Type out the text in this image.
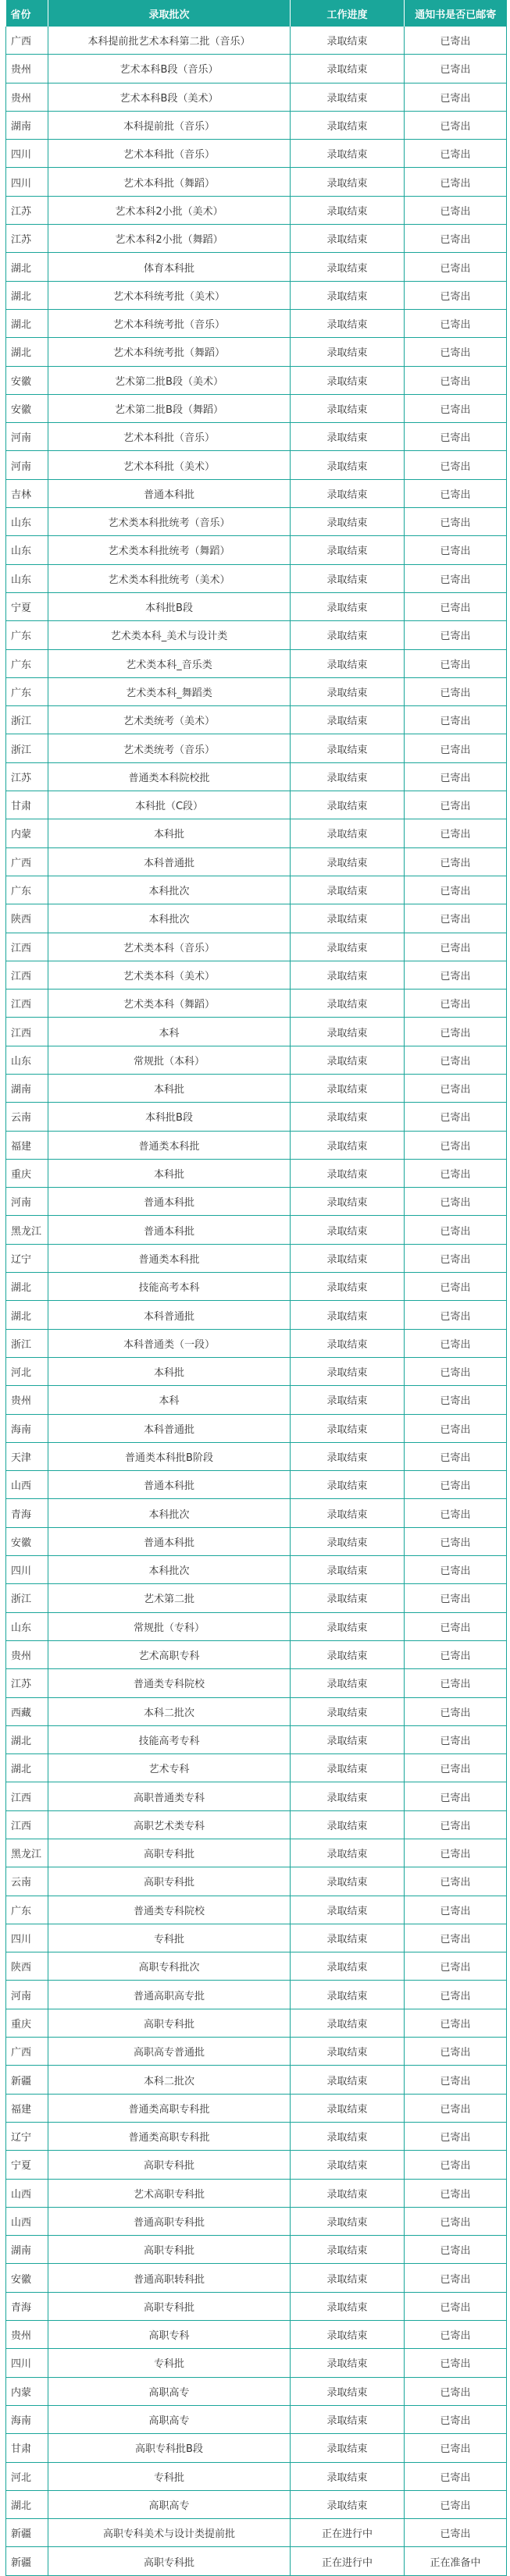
省份	录取批次	工作进度	通知书是否已邮寄
广西	本科提前批艺术本科第二批（音乐）	录取结束	已寄出
贵州	艺术本科B段（音乐）	录取结束	已寄出
贵州	艺术本科B段（美术）	录取结束	已寄出
湖南	本科提前批（音乐）	录取结束	已寄出
四川	艺术本科批（音乐）	录取结束	已寄出
四川	艺术本科批（舞蹈）	录取结束	已寄出
江苏	艺术本科2小批（美术）	录取结束	已寄出
江苏	艺术本科2小批（舞蹈）	录取结束	已寄出
湖北	体育本科批	录取结束	已寄出
湖北	艺术本科统考批（美术）	录取结束	已寄出
湖北	艺术本科统考批（音乐）	录取结束	已寄出
湖北	艺术本科统考批（舞蹈）	录取结束	已寄出
安徽	艺术第二批B段（美术）	录取结束	已寄出
安徽	艺术第二批B段（舞蹈）	录取结束	已寄出
河南	艺术本科批（音乐）	录取结束	已寄出
河南	艺术本科批（美术）	录取结束	已寄出
吉林	普通本科批	录取结束	已寄出
山东	艺术类本科批统考（音乐）	录取结束	已寄出
山东	艺术类本科批统考（舞蹈）	录取结束	已寄出
山东	艺术类本科批统考（美术）	录取结束	已寄出
宁夏	本科批B段	录取结束	已寄出
广东	艺术类本科_美术与设计类	录取结束	已寄出
广东	艺术类本科_音乐类	录取结束	已寄出
广东	艺术类本科_舞蹈类	录取结束	已寄出
浙江	艺术类统考（美术）	录取结束	已寄出
浙江	艺术类统考（音乐）	录取结束	已寄出
江苏	普通类本科院校批	录取结束	已寄出
甘肃	本科批（C段）	录取结束	已寄出
内蒙	本科批	录取结束	已寄出
广西	本科普通批	录取结束	已寄出
广东	本科批次	录取结束	已寄出
陕西	本科批次	录取结束	已寄出
江西	艺术类本科（音乐）	录取结束	已寄出
江西	艺术类本科（美术）	录取结束	已寄出
江西	艺术类本科（舞蹈）	录取结束	已寄出
江西	本科	录取结束	已寄出
山东	常规批（本科）	录取结束	已寄出
湖南	本科批	录取结束	已寄出
云南	本科批B段	录取结束	已寄出
福建	普通类本科批	录取结束	已寄出
重庆	本科批	录取结束	已寄出
河南	普通本科批	录取结束	已寄出
黑龙江	普通本科批	录取结束	已寄出
辽宁	普通类本科批	录取结束	已寄出
湖北	技能高考本科	录取结束	已寄出
湖北	本科普通批	录取结束	已寄出
浙江	本科普通类（一段）	录取结束	已寄出
河北	本科批	录取结束	已寄出
贵州	本科	录取结束	已寄出
海南	本科普通批	录取结束	已寄出
天津	普通类本科批B阶段	录取结束	已寄出
山西	普通本科批	录取结束	已寄出
青海	本科批次	录取结束	已寄出
安徽	普通本科批	录取结束	已寄出
四川	本科批次	录取结束	已寄出
浙江	艺术第二批	录取结束	已寄出
山东	常规批（专科）	录取结束	已寄出
贵州	艺术高职专科	录取结束	已寄出
江苏	普通类专科院校	录取结束	已寄出
西藏	本科二批次	录取结束	已寄出
湖北	技能高考专科	录取结束	已寄出
湖北	艺术专科	录取结束	已寄出
江西	高职普通类专科	录取结束	已寄出
江西	高职艺术类专科	录取结束	已寄出
黑龙江	高职专科批	录取结束	已寄出
云南	高职专科批	录取结束	已寄出
广东	普通类专科院校	录取结束	已寄出
四川	专科批	录取结束	已寄出
陕西	高职专科批次	录取结束	已寄出
河南	普通高职高专批	录取结束	已寄出
重庆	高职专科批	录取结束	已寄出
广西	高职高专普通批	录取结束	已寄出
新疆	本科二批次	录取结束	已寄出
福建	普通类高职专科批	录取结束	已寄出
辽宁	普通类高职专科批	录取结束	已寄出
宁夏	高职专科批	录取结束	已寄出
山西	艺术高职专科批	录取结束	已寄出
山西	普通高职专科批	录取结束	已寄出
湖南	高职专科批	录取结束	已寄出
安徽	普通高职转科批	录取结束	已寄出
青海	高职专科批	录取结束	已寄出
贵州	高职专科	录取结束	已寄出
四川	专科批	录取结束	已寄出
内蒙	高职高专	录取结束	已寄出
海南	高职高专	录取结束	已寄出
甘肃	高职专科批B段	录取结束	已寄出
河北	专科批	录取结束	已寄出
湖北	高职高专	录取结束	已寄出
新疆	高职专科美术与设计类提前批	正在进行中	已寄出
新疆	高职专科批	正在进行中	正在准备中
